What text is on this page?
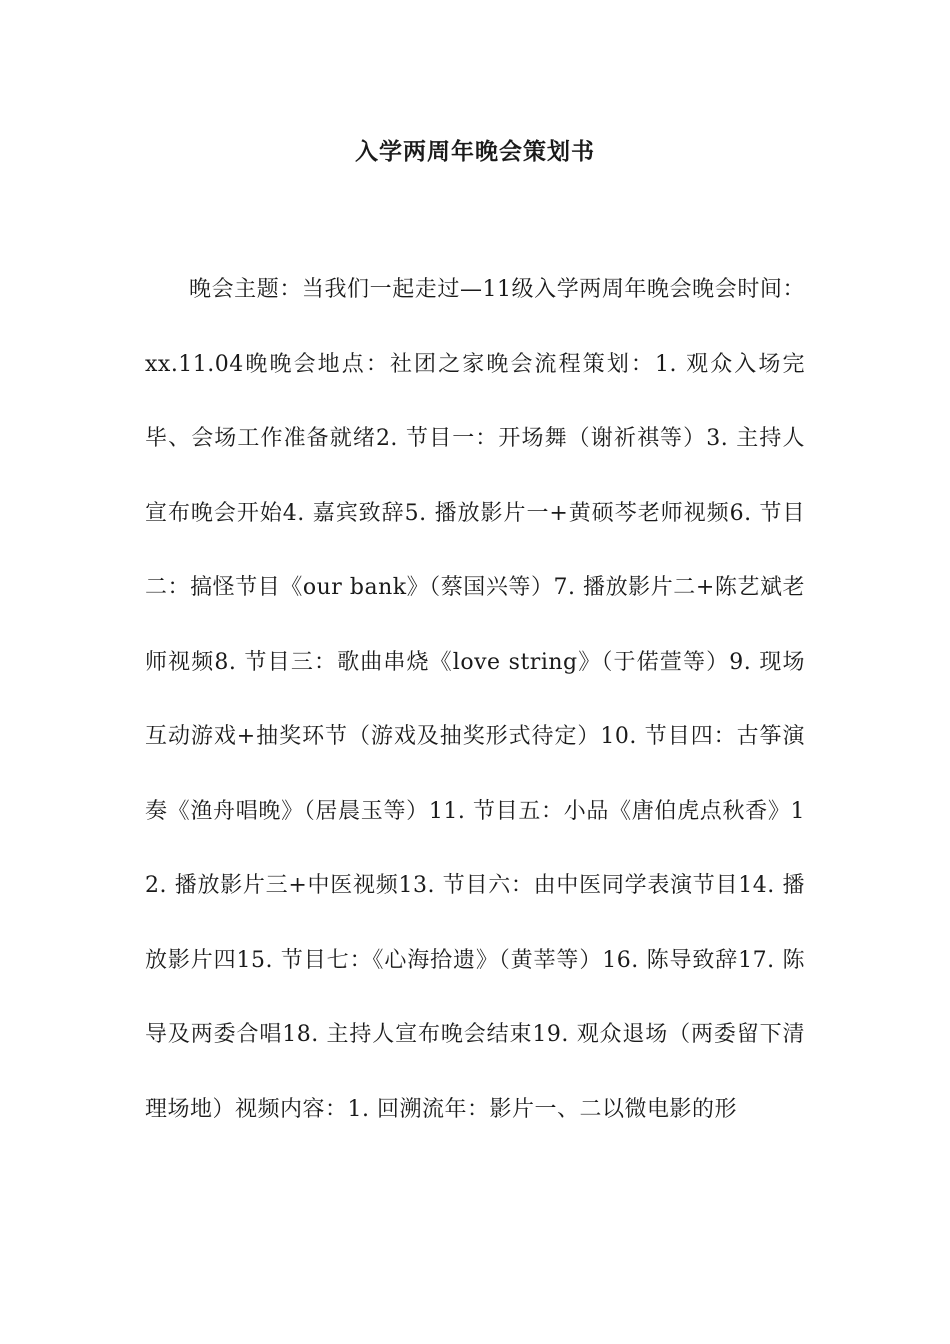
入学两周年晚会策划书

晚会主题：当我们一起走过—11级入学两周年晚会晚会时间：xx.11.04晚晚会地点：社团之家晚会流程策划：1. 观众入场完毕、会场工作准备就绪2. 节目一：开场舞（谢祈祺等）3. 主持人宣布晚会开始4. 嘉宾致辞5. 播放影片一+黄硕芩老师视频6. 节目二：搞怪节目《our bank》（蔡国兴等）7. 播放影片二+陈艺斌老师视频8. 节目三：歌曲串烧《love string》（于偌萱等）9. 现场互动游戏+抽奖环节（游戏及抽奖形式待定）10. 节目四：古筝演奏《渔舟唱晚》（居晨玉等）11. 节目五：小品《唐伯虎点秋香》12. 播放影片三+中医视频13. 节目六：由中医同学表演节目14. 播放影片四15. 节目七：《心海拾遗》（黄莘等）16. 陈导致辞17. 陈导及两委合唱18. 主持人宣布晚会结束19. 观众退场（两委留下清理场地）视频内容：1. 回溯流年：影片一、二以微电影的形
